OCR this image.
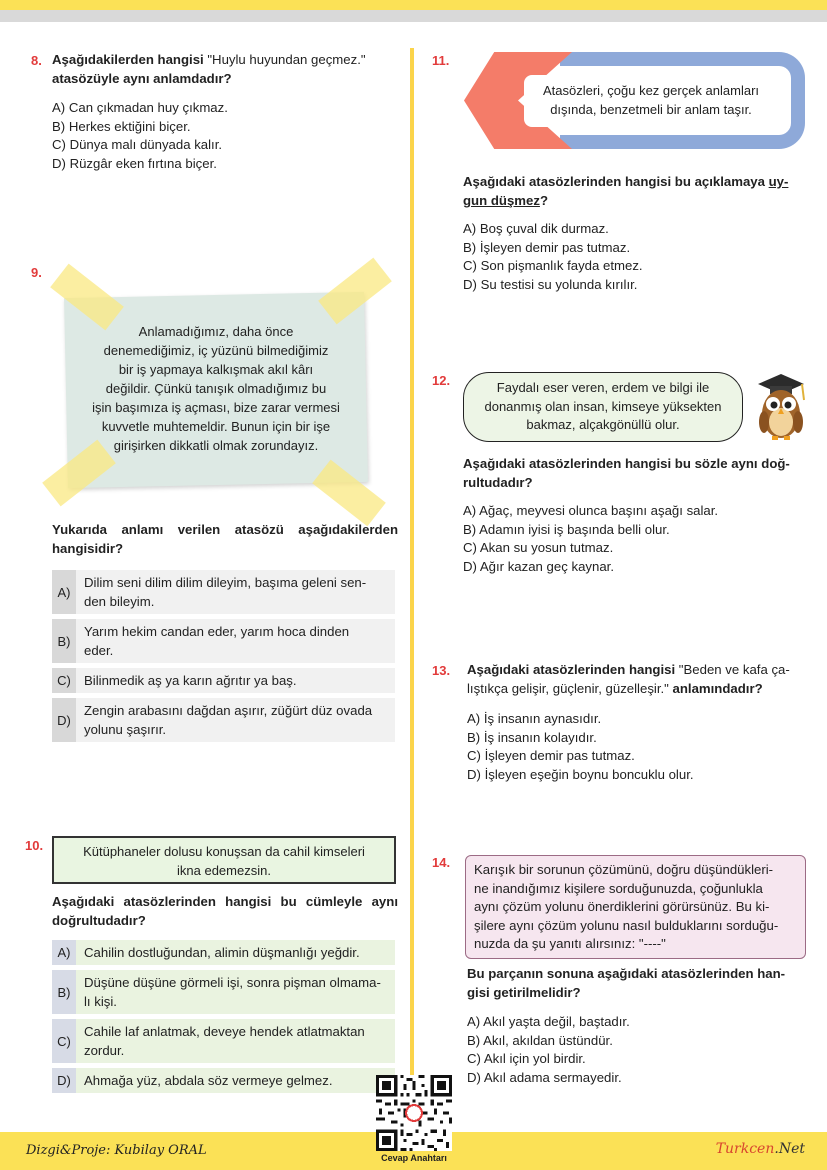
8. Aşağıdakilerden hangisi "Huylu huyundan geçmez."
atasözüyle aynı anlamdadır?
A) Can çıkmadan huy çıkmaz.
B) Herkes ektiğini biçer.
C) Dünya malı dünyada kalır.
D) Rüzgâr eken fırtına biçer.
9.
Anlamadığımız, daha önce
denemediğimiz, iç yüzünü bilmediğimiz
bir iş yapmaya kalkışmak akıl kârı
değildir. Çünkü tanışık olmadığımız bu
işin başımıza iş açması, bize zarar vermesi
kuvvetle muhtemeldir. Bunun için bir işe
girişirken dikkatli olmak zorundayız.
Yukarıda anlamı verilen atasözü aşağıdakilerden
hangisidir?
A)
Dilim seni dilim dilim dileyim, başıma geleni sen-
den bileyim.
B)
Yarım hekim candan eder, yarım hoca dinden
eder.
C) Bilinmedik aş ya karın ağrıtır ya baş.
D)
Zengin arabasını dağdan aşırır, züğürt düz ovada
yolunu şaşırır.
10.	Kütüphaneler dolusu konuşsan da cahil kimseleri
ikna edemezsin.
Aşağıdaki atasözlerinden hangisi bu cümleyle aynı
doğrultudadır?
A)	Cahilin dostluğundan, alimin düşmanlığı yeğdir.
B)
Düşüne düşüne görmeli işi, sonra pişman olmama-
lı kişi.
C)
Cahile laf anlatmak, deveye hendek atlatmaktan
zordur.
D) Ahmağa yüz, abdala söz vermeye gelmez.
11.
Atasözleri, çoğu kez gerçek anlamları
dışında, benzetmeli bir anlam taşır.
Aşağıdaki atasözlerinden hangisi bu açıklamaya uy-
gun düşmez?
A) Boş çuval dik durmaz.
B) İşleyen demir pas tutmaz.
C) Son pişmanlık fayda etmez.
D) Su testisi su yolunda kırılır.
12.	Faydalı eser veren, erdem ve bilgi ile
donanmış olan insan, kimseye yüksekten
bakmaz, alçakgönüllü olur.
Aşağıdaki atasözlerinden hangisi bu sözle aynı doğ-
rultudadır?
A) Ağaç, meyvesi olunca başını aşağı salar.
B) Adamın iyisi iş başında belli olur.
C) Akan su yosun tutmaz.
D) Ağır kazan geç kaynar.
13. Aşağıdaki atasözlerinden hangisi "Beden ve kafa ça-
lıştıkça gelişir, güçlenir, güzelleşir." anlamındadır?
A) İş insanın aynasıdır.
B) İş insanın kolayıdır.
C) İşleyen demir pas tutmaz.
D) İşleyen eşeğin boynu boncuklu olur.
14. Karışık bir sorunun çözümünü, doğru düşündükleri-
ne inandığımız kişilere sorduğunuzda, çoğunlukla
aynı çözüm yolunu önerdiklerini görürsünüz. Bu ki-
şilere aynı çözüm yolunu nasıl bulduklarını sorduğu-
nuzda da şu yanıtı alırsınız: "----"
Bu parçanın sonuna aşağıdaki atasözlerinden han-
gisi getirilmelidir?
A) Akıl yaşta değil, baştadır.
B) Akıl, akıldan üstündür.
C) Akıl için yol birdir.
D) Akıl adama sermayedir.
Dizgi&Proje: Kubilay ORAL	Turkcen.Net
Cevap Anahtarı
